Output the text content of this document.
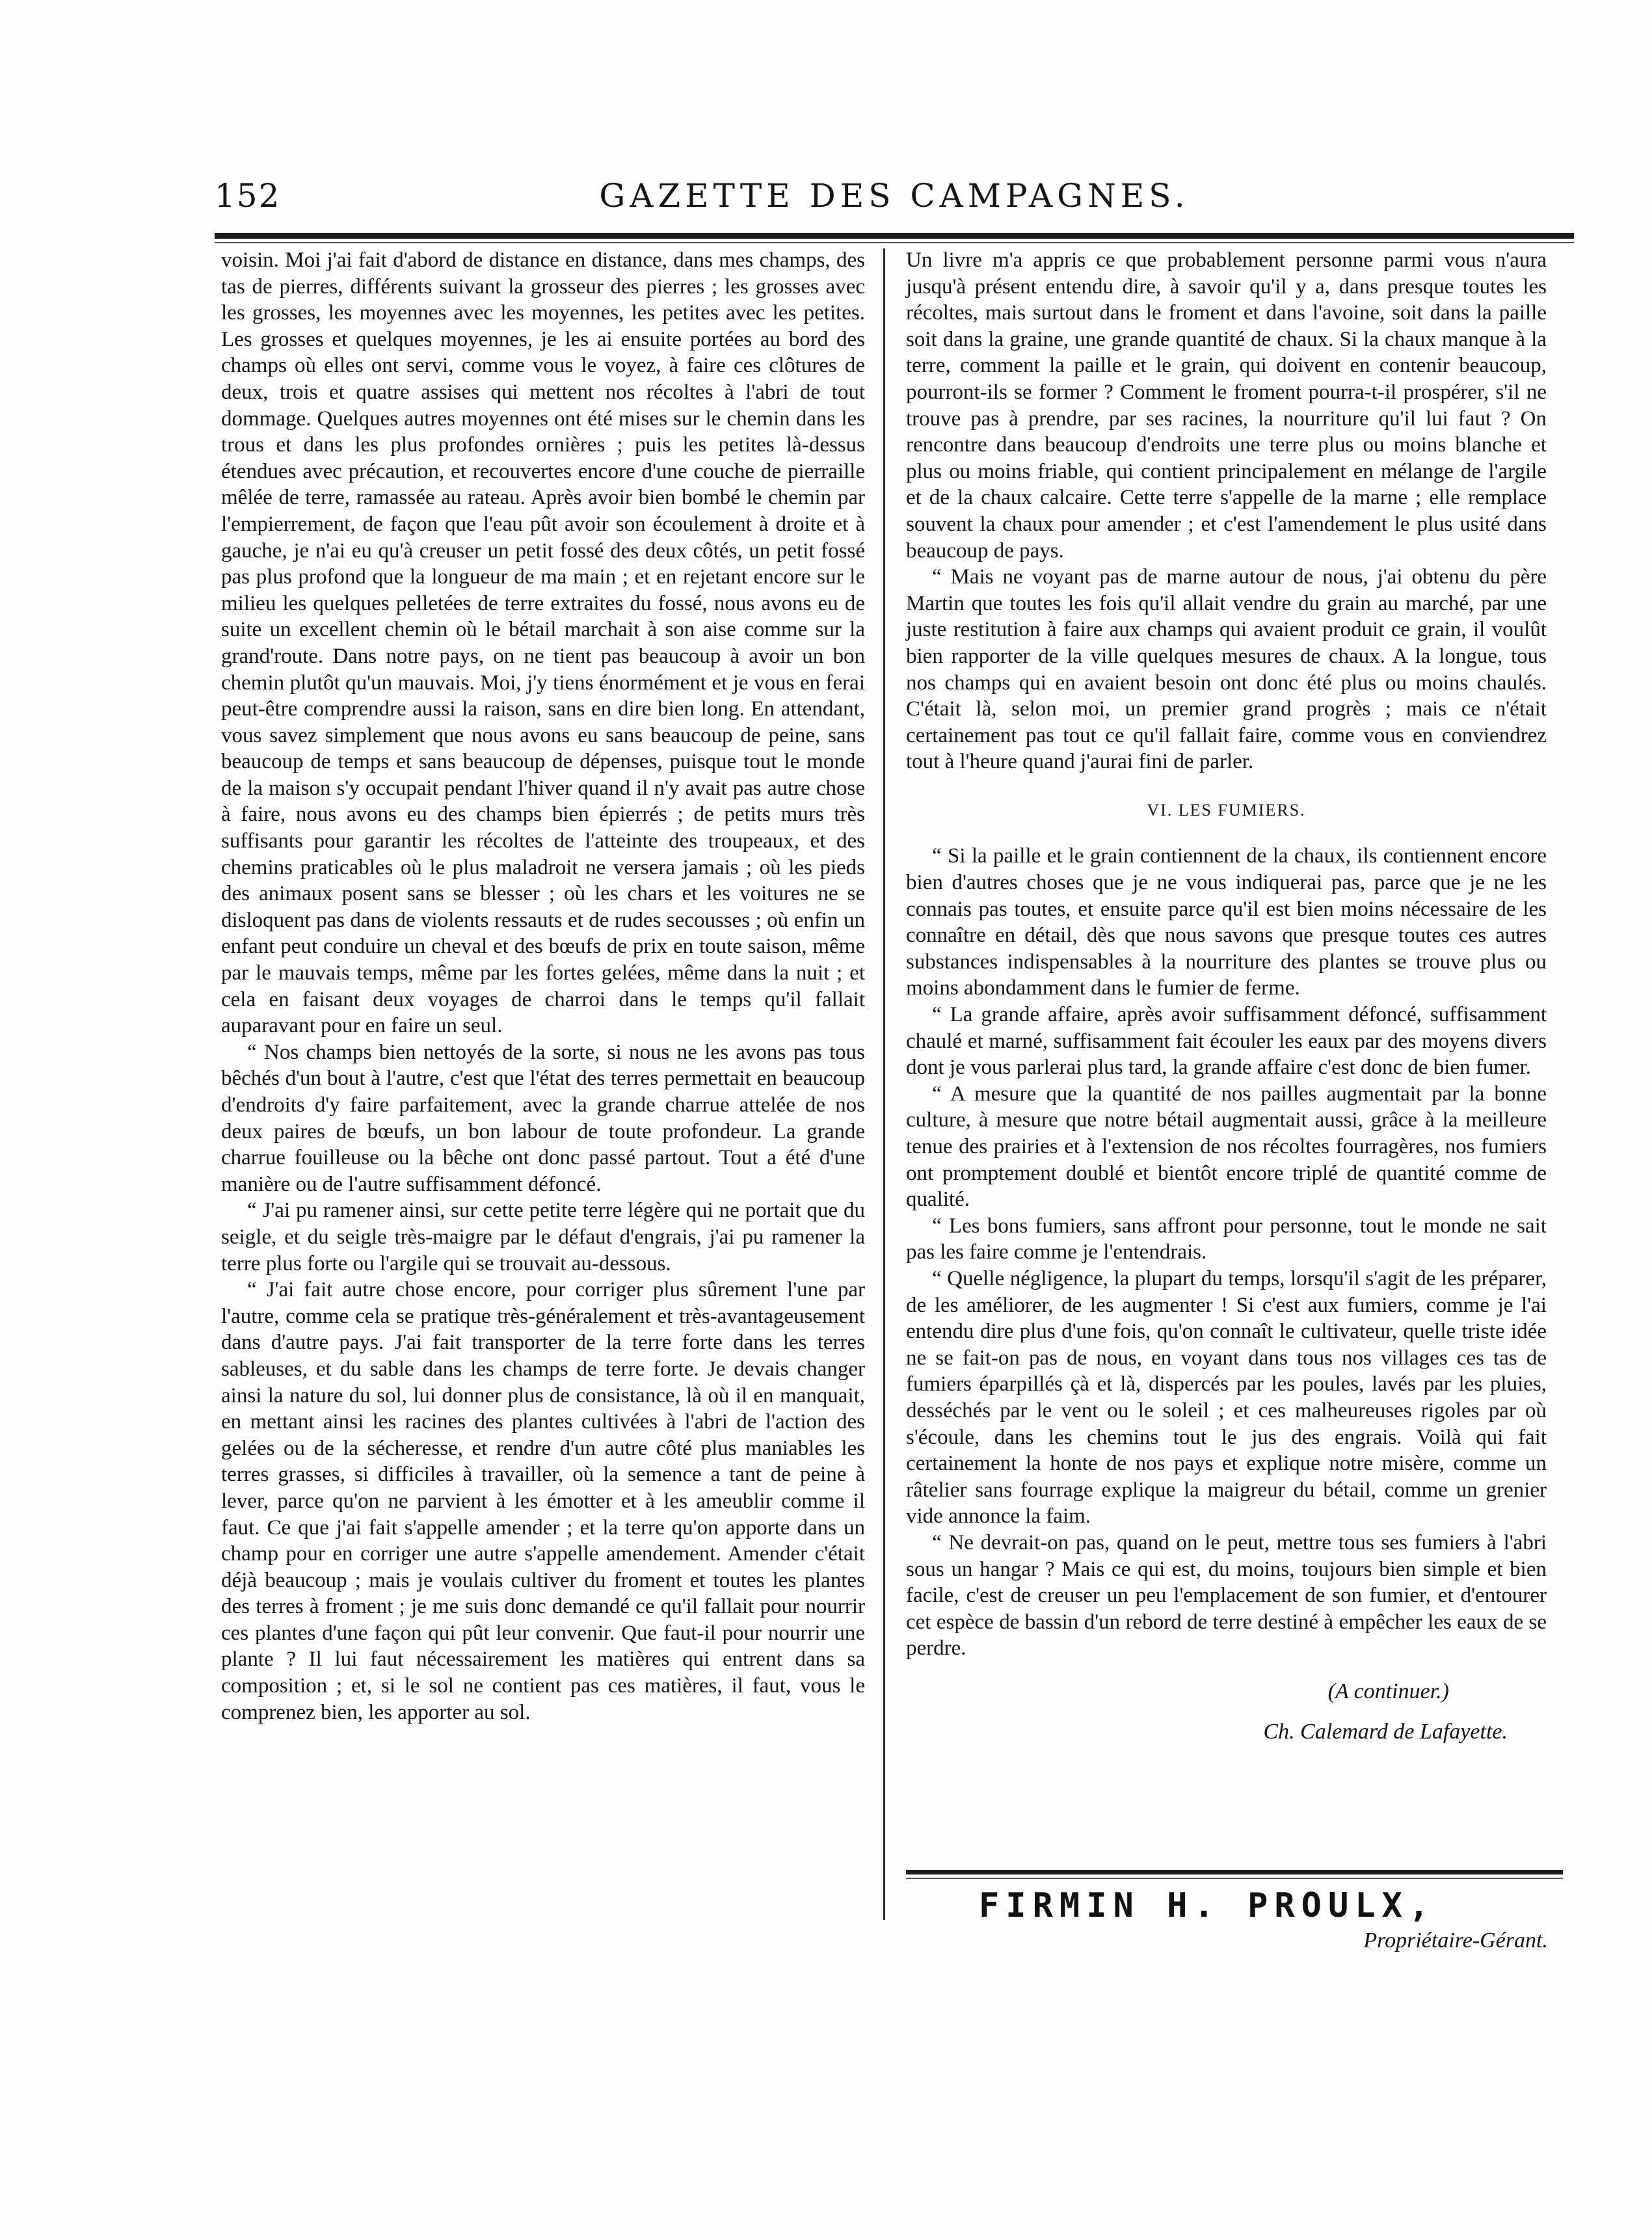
152	GAZETTE DES CAMPAGNES.

voisin. Moi j'ai fait d'abord de distance en distance, dans mes champs, des tas de pierres, différents suivant la grosseur des pierres ; les grosses avec les grosses, les moyennes avec les moyennes, les petites avec les petites. Les grosses et quelques moyennes, je les ai ensuite portées au bord des champs où elles ont servi, comme vous le voyez, à faire ces clôtures de deux, trois et quatre assises qui mettent nos récoltes à l'abri de tout dommage. Quelques autres moyennes ont été mises sur le chemin dans les trous et dans les plus profondes ornières ; puis les petites là-dessus étendues avec précaution, et recouvertes encore d'une couche de pierraille mêlée de terre, ramassée au rateau. Après avoir bien bombé le chemin par l'empierrement, de façon que l'eau pût avoir son écoulement à droite et à gauche, je n'ai eu qu'à creuser un petit fossé des deux côtés, un petit fossé pas plus profond que la longueur de ma main ; et en rejetant encore sur le milieu les quelques pelletées de terre extraites du fossé, nous avons eu de suite un excellent chemin où le bétail marchait à son aise comme sur la grand'route. Dans notre pays, on ne tient pas beaucoup à avoir un bon chemin plutôt qu'un mauvais. Moi, j'y tiens énormément et je vous en ferai peut-être comprendre aussi la raison, sans en dire bien long. En attendant, vous savez simplement que nous avons eu sans beaucoup de peine, sans beaucoup de temps et sans beaucoup de dépenses, puisque tout le monde de la maison s'y occupait pendant l'hiver quand il n'y avait pas autre chose à faire, nous avons eu des champs bien épierrés ; de petits murs très suffisants pour garantir les récoltes de l'atteinte des troupeaux, et des chemins praticables où le plus maladroit ne versera jamais ; où les pieds des animaux posent sans se blesser ; où les chars et les voitures ne se disloquent pas dans de violents ressauts et de rudes secousses ; où enfin un enfant peut conduire un cheval et des bœufs de prix en toute saison, même par le mauvais temps, même par les fortes gelées, même dans la nuit ; et cela en faisant deux voyages de charroi dans le temps qu'il fallait auparavant pour en faire un seul.

“ Nos champs bien nettoyés de la sorte, si nous ne les avons pas tous bêchés d'un bout à l'autre, c'est que l'état des terres permettait en beaucoup d'endroits d'y faire parfaitement, avec la grande charrue attelée de nos deux paires de bœufs, un bon labour de toute profondeur. La grande charrue fouilleuse ou la bêche ont donc passé partout. Tout a été d'une manière ou de l'autre suffisamment défoncé.

“ J'ai pu ramener ainsi, sur cette petite terre légère qui ne portait que du seigle, et du seigle très-maigre par le défaut d'engrais, j'ai pu ramener la terre plus forte ou l'argile qui se trouvait au-dessous.

“ J'ai fait autre chose encore, pour corriger plus sûrement l'une par l'autre, comme cela se pratique très-généralement et très-avantageusement dans d'autre pays. J'ai fait transporter de la terre forte dans les terres sableuses, et du sable dans les champs de terre forte. Je devais changer ainsi la nature du sol, lui donner plus de consistance, là où il en manquait, en mettant ainsi les racines des plantes cultivées à l'abri de l'action des gelées ou de la sécheresse, et rendre d'un autre côté plus maniables les terres grasses, si difficiles à travailler, où la semence a tant de peine à lever, parce qu'on ne parvient à les émotter et à les ameublir comme il faut. Ce que j'ai fait s'appelle amender ; et la terre qu'on apporte dans un champ pour en corriger une autre s'appelle amendement. Amender c'était déjà beaucoup ; mais je voulais cultiver du froment et toutes les plantes des terres à froment ; je me suis donc demandé ce qu'il fallait pour nourrir ces plantes d'une façon qui pût leur convenir. Que faut-il pour nourrir une plante ? Il lui faut nécessairement les matières qui entrent dans sa composition ; et, si le sol ne contient pas ces matières, il faut, vous le comprenez bien, les apporter au sol.

Un livre m'a appris ce que probablement personne parmi vous n'aura jusqu'à présent entendu dire, à savoir qu'il y a, dans presque toutes les récoltes, mais surtout dans le froment et dans l'avoine, soit dans la paille soit dans la graine, une grande quantité de chaux. Si la chaux manque à la terre, comment la paille et le grain, qui doivent en contenir beaucoup, pourront-ils se former ? Comment le froment pourra-t-il prospérer, s'il ne trouve pas à prendre, par ses racines, la nourriture qu'il lui faut ? On rencontre dans beaucoup d'endroits une terre plus ou moins blanche et plus ou moins friable, qui contient principalement en mélange de l'argile et de la chaux calcaire. Cette terre s'appelle de la marne ; elle remplace souvent la chaux pour amender ; et c'est l'amendement le plus usité dans beaucoup de pays.

“ Mais ne voyant pas de marne autour de nous, j'ai obtenu du père Martin que toutes les fois qu'il allait vendre du grain au marché, par une juste restitution à faire aux champs qui avaient produit ce grain, il voulût bien rapporter de la ville quelques mesures de chaux. A la longue, tous nos champs qui en avaient besoin ont donc été plus ou moins chaulés. C'était là, selon moi, un premier grand progrès ; mais ce n'était certainement pas tout ce qu'il fallait faire, comme vous en conviendrez tout à l'heure quand j'aurai fini de parler.

VI. LES FUMIERS.

“ Si la paille et le grain contiennent de la chaux, ils contiennent encore bien d'autres choses que je ne vous indiquerai pas, parce que je ne les connais pas toutes, et ensuite parce qu'il est bien moins nécessaire de les connaître en détail, dès que nous savons que presque toutes ces autres substances indispensables à la nourriture des plantes se trouve plus ou moins abondamment dans le fumier de ferme.

“ La grande affaire, après avoir suffisamment défoncé, suffisamment chaulé et marné, suffisamment fait écouler les eaux par des moyens divers dont je vous parlerai plus tard, la grande affaire c'est donc de bien fumer.

“ A mesure que la quantité de nos pailles augmentait par la bonne culture, à mesure que notre bétail augmentait aussi, grâce à la meilleure tenue des prairies et à l'extension de nos récoltes fourragères, nos fumiers ont promptement doublé et bientôt encore triplé de quantité comme de qualité.

“ Les bons fumiers, sans affront pour personne, tout le monde ne sait pas les faire comme je l'entendrais.

“ Quelle négligence, la plupart du temps, lorsqu'il s'agit de les préparer, de les améliorer, de les augmenter ! Si c'est aux fumiers, comme je l'ai entendu dire plus d'une fois, qu'on connaît le cultivateur, quelle triste idée ne se fait-on pas de nous, en voyant dans tous nos villages ces tas de fumiers éparpillés çà et là, dispercés par les poules, lavés par les pluies, desséchés par le vent ou le soleil ; et ces malheureuses rigoles par où s'écoule, dans les chemins tout le jus des engrais. Voilà qui fait certainement la honte de nos pays et explique notre misère, comme un râtelier sans fourrage explique la maigreur du bétail, comme un grenier vide annonce la faim.

“ Ne devrait-on pas, quand on le peut, mettre tous ses fumiers à l'abri sous un hangar ? Mais ce qui est, du moins, toujours bien simple et bien facile, c'est de creuser un peu l'emplacement de son fumier, et d'entourer cet espèce de bassin d'un rebord de terre destiné à empêcher les eaux de se perdre.

(A continuer.)

Ch. Calemard de Lafayette.

FIRMIN H. PROULX,
Propriétaire-Gérant.
